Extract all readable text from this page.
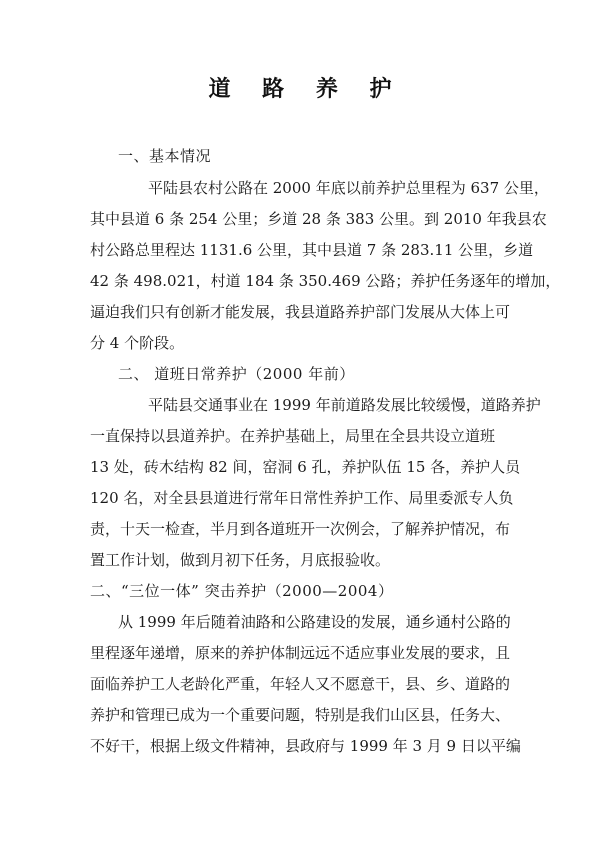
道 路 养 护
一、基本情况
平陆县农村公路在 2000 年底以前养护总里程为 637 公里，
其中县道 6 条 254 公里；乡道 28 条 383 公里。到 2010 年我县农
村公路总里程达 1131.6 公里，其中县道 7 条 283.11 公里，乡道
42 条 498.021，村道 184 条 350.469 公路；养护任务逐年的增加，
逼迫我们只有创新才能发展，我县道路养护部门发展从大体上可
分 4 个阶段。
二、 道班日常养护（2000 年前）
平陆县交通事业在 1999 年前道路发展比较缓慢，道路养护
一直保持以县道养护。在养护基础上，局里在全县共设立道班
13 处，砖木结构 82 间，窑洞 6 孔，养护队伍 15 各，养护人员
120 名，对全县县道进行常年日常性养护工作、局里委派专人负
责，十天一检查，半月到各道班开一次例会，了解养护情况，布
置工作计划，做到月初下任务，月底报验收。
二、“三位一体” 突击养护（2000—2004）
从 1999 年后随着油路和公路建设的发展，通乡通村公路的
里程逐年递增，原来的养护体制远远不适应事业发展的要求，且
面临养护工人老龄化严重，年轻人又不愿意干，县、乡、道路的
养护和管理已成为一个重要问题，特别是我们山区县，任务大、
不好干，根据上级文件精神，县政府与 1999 年 3 月 9 日以平编
